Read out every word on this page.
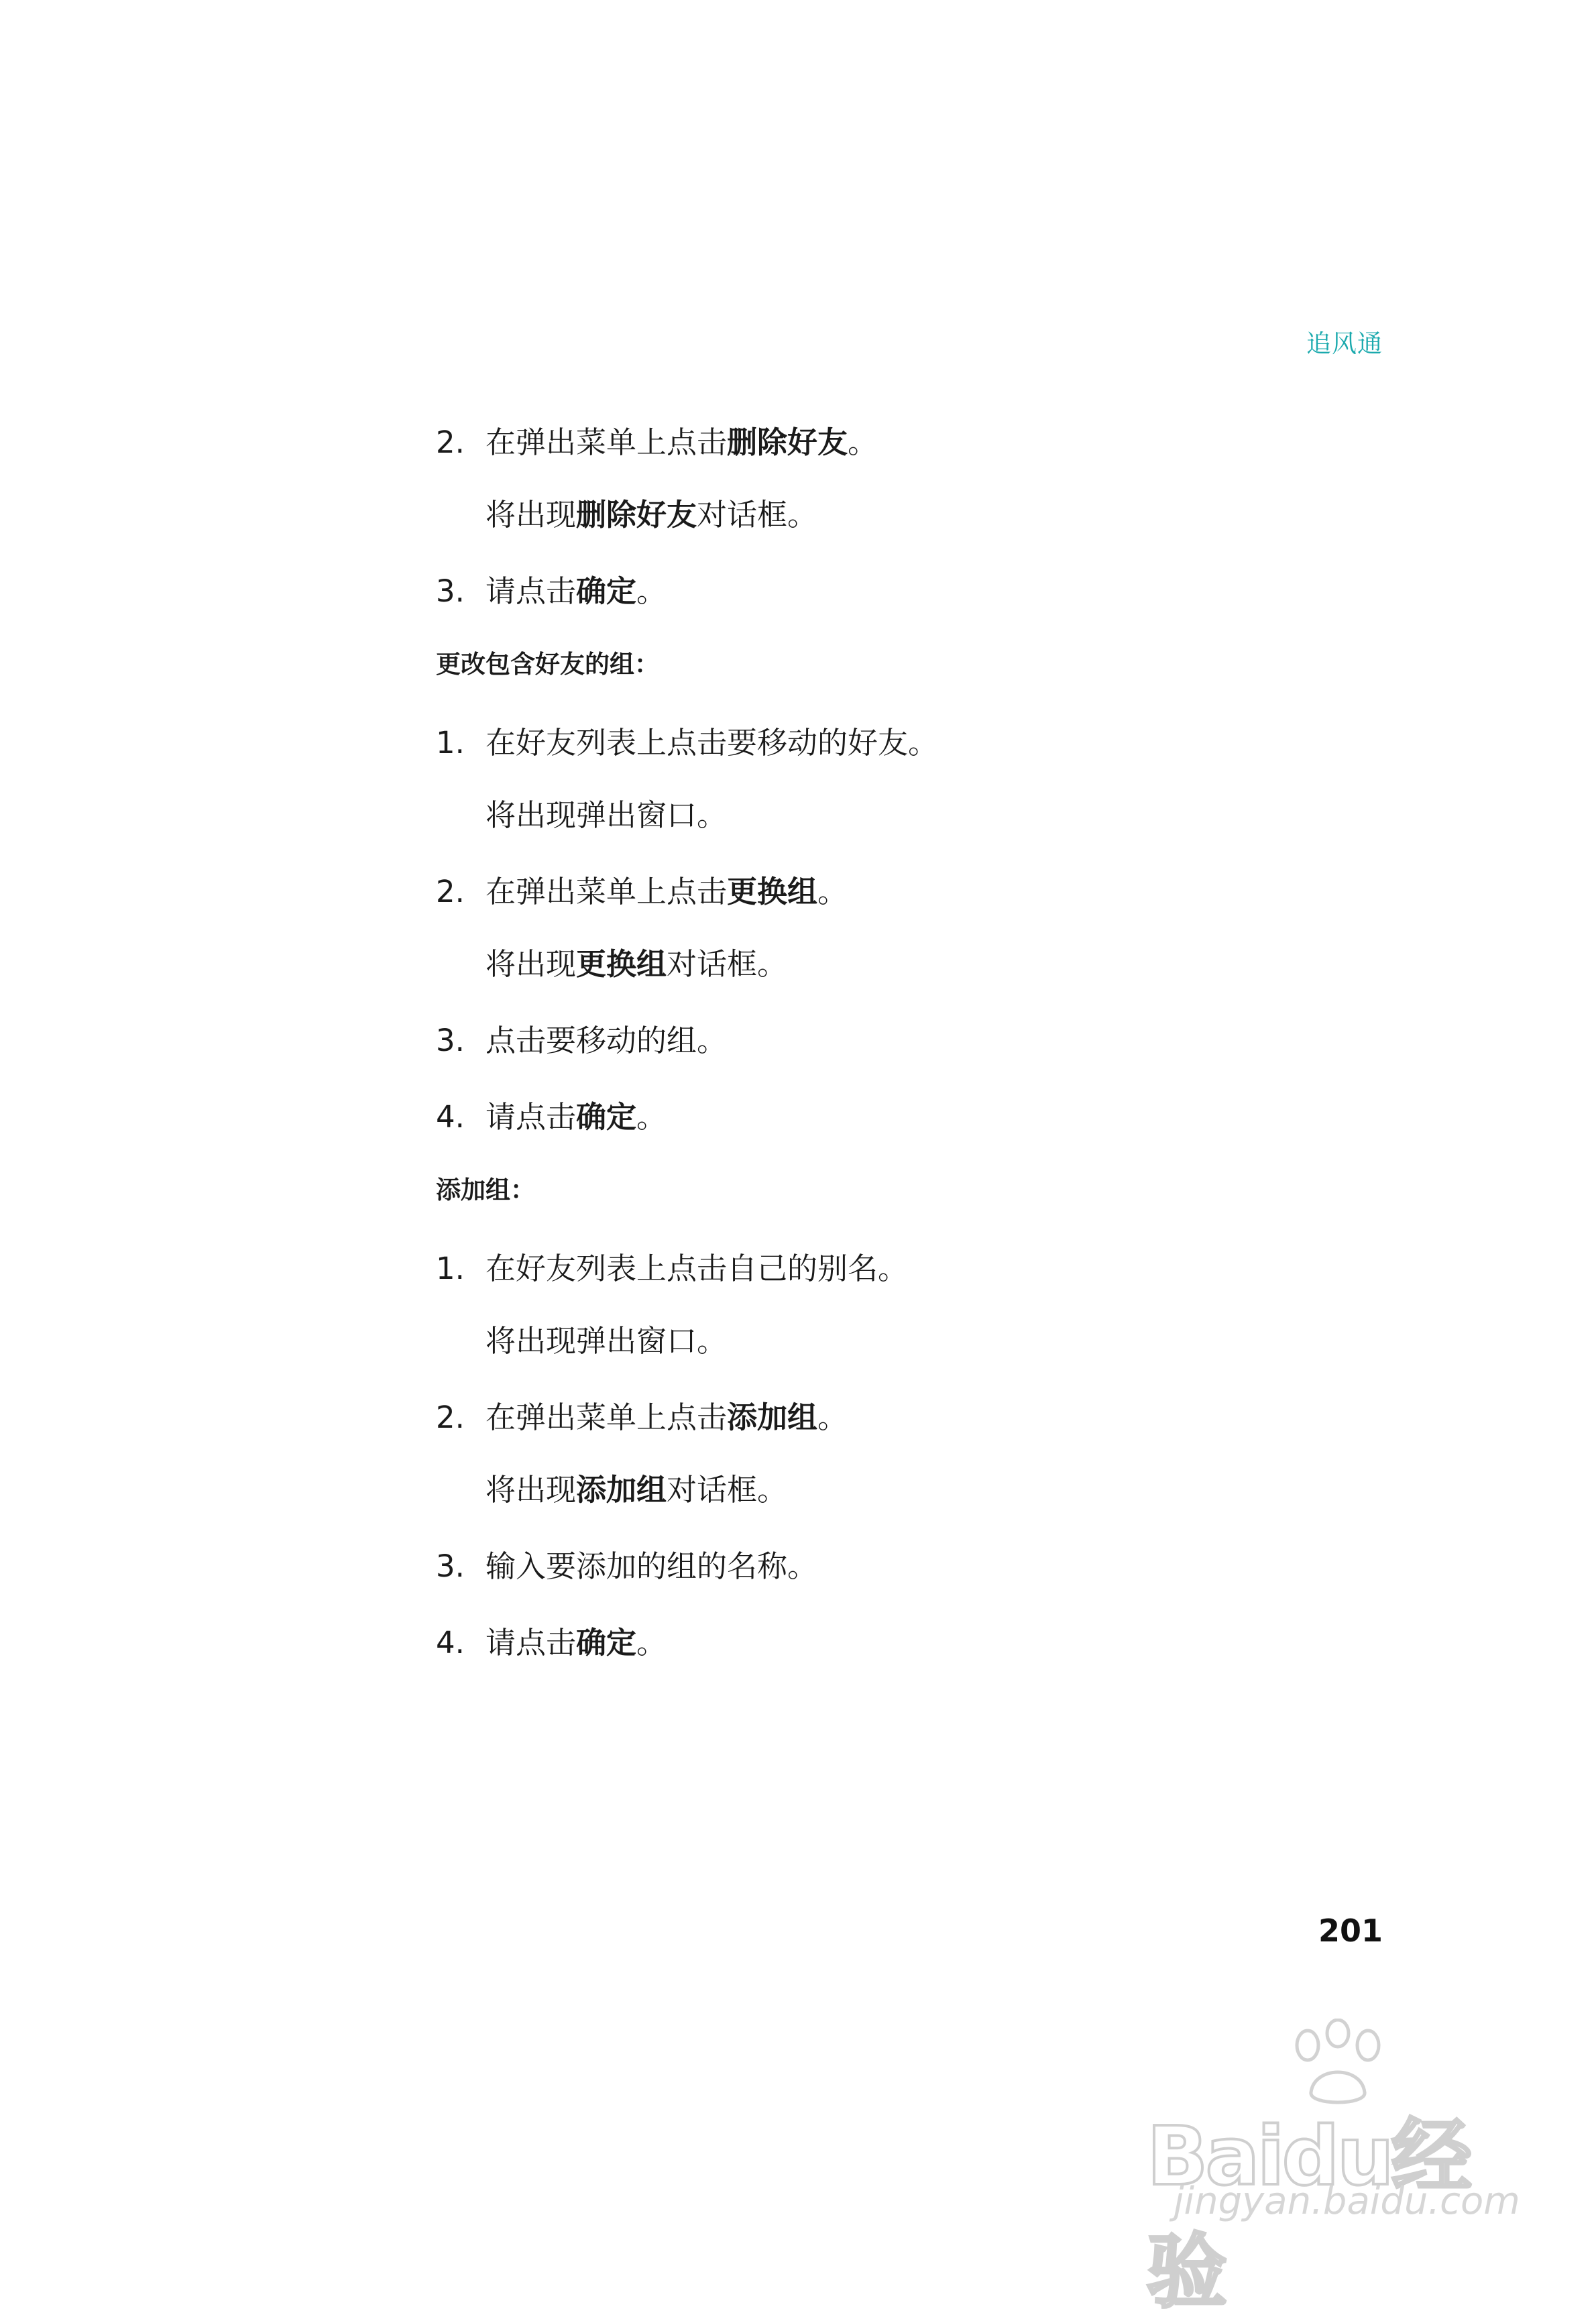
追风通
2. 在弹出菜单上点击删除好友。
将出现删除好友对话框。
3. 请点击确定。
更改包含好友的组：
1. 在好友列表上点击要移动的好友。
将出现弹出窗口。
2. 在弹出菜单上点击更换组。
将出现更换组对话框。
3. 点击要移动的组。
4. 请点击确定。
添加组：
1. 在好友列表上点击自己的别名。
将出现弹出窗口。
2. 在弹出菜单上点击添加组。
将出现添加组对话框。
3. 输入要添加的组的名称。
4. 请点击确定。
201
Baidu经验
jingyan.baidu.com
